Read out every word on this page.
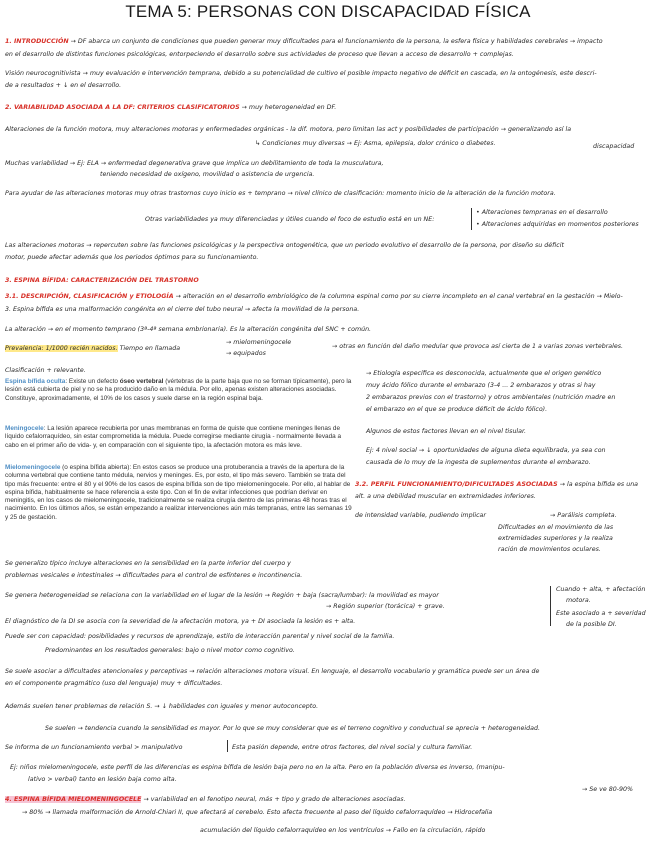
TEMA 5: PERSONAS CON DISCAPACIDAD FÍSICA
1. INTRODUCCIÓN → DF abarca un conjunto de condiciones que pueden generar muy dificultades para el funcionamiento de la persona, la esfera física y habilidades cerebrales → impacto
en el desarrollo de distintas funciones psicológicas, entorpeciendo el desarrollo sobre sus actividades de proceso que llevan a acceso de desarrollo + complejas.
Visión neurocognitivista → muy evaluación e intervención temprana, debido a su potencialidad de cultivo el posible impacto negativo de déficit en cascada, en la ontogénesis, este descri-
de a resultados + ↓ en el desarrollo.
2. VARIABILIDAD ASOCIADA A LA DF: CRITERIOS CLASIFICATORIOS → muy heterogeneidad en DF.
Alteraciones de la función motora, muy alteraciones motoras y enfermedades orgánicas - la dif. motora, pero limitan las act y posibilidades de participación → generalizando así la
↳ Condiciones muy diversas → Ej: Asma, epilepsia, dolor crónico o diabetes.	discapacidad
Muchas variabilidad → Ej: ELA → enfermedad degenerativa grave que implica un debilitamiento de toda la musculatura,
teniendo necesidad de oxígeno, movilidad o asistencia de urgencia.
Para ayudar de las alteraciones motoras muy otras trastornos cuyo inicio es + temprano → nivel clínico de clasificación: momento inicio de la alteración de la función motora.
Otras variabilidades ya muy diferenciadas y útiles cuando el foco de estudio está en un NE:
• Alteraciones tempranas en el desarrollo
• Alteraciones adquiridas en momentos posteriores
Las alteraciones motoras → repercuten sobre las funciones psicológicas y la perspectiva ontogenética, que un periodo evolutivo el desarrollo de la persona, por diseño su déficit
motor, puede afectar además que los periodos óptimos para su funcionamiento.
3. ESPINA BÍFIDA: CARACTERIZACIÓN DEL TRASTORNO
3.1. DESCRIPCIÓN, CLASIFICACIÓN y ETIOLOGÍA → alteración en el desarrollo embriológico de la columna espinal como por su cierre incompleto en el canal vertebral en la gestación → Mielo-
3. Espina bífida es una malformación congénita en el cierre del tubo neural → afecta la movilidad de la persona.
La alteración → en el momento temprano (3ª-4ª semana embrionaria). Es la alteración congénita del SNC + común.
Prevalencia: 1/1000 recién nacidos. Tiempo en llamada
→ mielomeningocele
→ equipados
→ otras en función del daño medular que provoca así cierta de 1 a varias zonas vertebrales.
Clasificación + relevante.
Espina bífida oculta: Existe un defecto óseo vertebral (vértebras de la parte baja que no se forman típicamente), pero la lesión está cubierta de piel y no se ha producido daño en la médula. Por ello, apenas existen alteraciones asociadas. Constituye, aproximadamente, el 10% de los casos y suele darse en la región espinal baja.
Meningocele: La lesión aparece recubierta por unas membranas en forma de quiste que contiene meninges llenas de líquido cefalorraquídeo, sin estar comprometida la médula. Puede corregirse mediante cirugía - normalmente llevada a cabo en el primer año de vida- y, en comparación con el siguiente tipo, la afectación motora es más leve.
Mielomeningocele (o espina bífida abierta): En estos casos se produce una protuberancia a través de la apertura de la columna vertebral que contiene tanto médula, nervios y meninges. Es, por esto, el tipo más severo. También se trata del tipo más frecuente: entre el 80 y el 90% de los casos de espina bífida son de tipo mielomeningocele. Por ello, al hablar de espina bífida, habitualmente se hace referencia a este tipo. Con el fin de evitar infecciones que podrían derivar en meningitis, en los casos de mielomeningocele, tradicionalmente se realiza cirugía dentro de las primeras 48 horas tras el nacimiento. En los últimos años, se están empezando a realizar intervenciones aún más tempranas, entre las semanas 19 y 25 de gestación.
→ Etiología específica es desconocida, actualmente que el origen genético
muy ácido fólico durante el embarazo (3-4 ... 2 embarazos y otras si hay
2 embarazos previos con el trastorno) y otros ambientales (nutrición madre en
el embarazo en el que se produce déficit de ácido fólico).
Algunos de estos factores llevan en el nivel tisular.
Ej: 4 nivel social → ↓ oportunidades de alguna dieta equilibrada, ya sea con
causada de lo muy de la ingesta de suplementos durante el embarazo.
3.2. PERFIL FUNCIONAMIENTO/DIFICULTADES ASOCIADAS → la espina bífida es una
alt. a una debilidad muscular en extremidades inferiores.
de intensidad variable, pudiendo implicar	→ Parálisis completa.
Dificultades en el movimiento de las
extremidades superiores y la realiza
ración de movimientos oculares.
Se generalizo típico incluye alteraciones en la sensibilidad en la parte inferior del cuerpo y
problemas vesicales e intestinales → dificultades para el control de esfínteres e incontinencia.
Se genera heterogeneidad se relaciona con la variabilidad en el lugar de la lesión → Región + baja (sacra/lumbar): la movilidad es mayor
Cuando + alta, + afectación
motora.
→ Región superior (torácica) + grave.
Este asociado a + severidad
de la posible DI.
El diagnóstico de la DI se asocia con la severidad de la afectación motora, ya + DI asociada la lesión es + alta.
Puede ser con capacidad: posibilidades y recursos de aprendizaje, estilo de interacción parental y nivel social de la familia.
Predominantes en los resultados generales: bajo o nivel motor como cognitivo.
Se suele asociar a dificultades atencionales y perceptivas → relación alteraciones motora visual. En lenguaje, el desarrollo vocabulario y gramática puede ser un área de
en el componente pragmático (uso del lenguaje) muy + dificultades.
Además suelen tener problemas de relación S. → ↓ habilidades con iguales y menor autoconcepto.
Se suelen → tendencia cuando la sensibilidad es mayor. Por lo que se muy considerar que es el terreno cognitivo y conductual se aprecia + heterogeneidad.
Se informa de un funcionamiento verbal > manipulativo	Esta pasión depende, entre otros factores, del nivel social y cultura familiar.
Ej: niños mielomeningocele, este perfil de las diferencias es espina bífida de lesión baja pero no en la alta. Pero en la población diversa es inverso, (manipu-
lativo > verbal) tanto en lesión baja como alta.
4. ESPINA BÍFIDA MIELOMENINGOCELE → variabilidad en el fenotipo neural, más + tipo y grado de alteraciones asociadas.
→ Se ve 80-90%
→ 80% → llamada malformación de Arnold-Chiari II, que afectará al cerebelo. Esto afecta frecuente al paso del líquido cefalorraquídeo → Hidrocefalia
acumulación del líquido cefalorraquídeo en los ventrículos → Fallo en la circulación, rápido
